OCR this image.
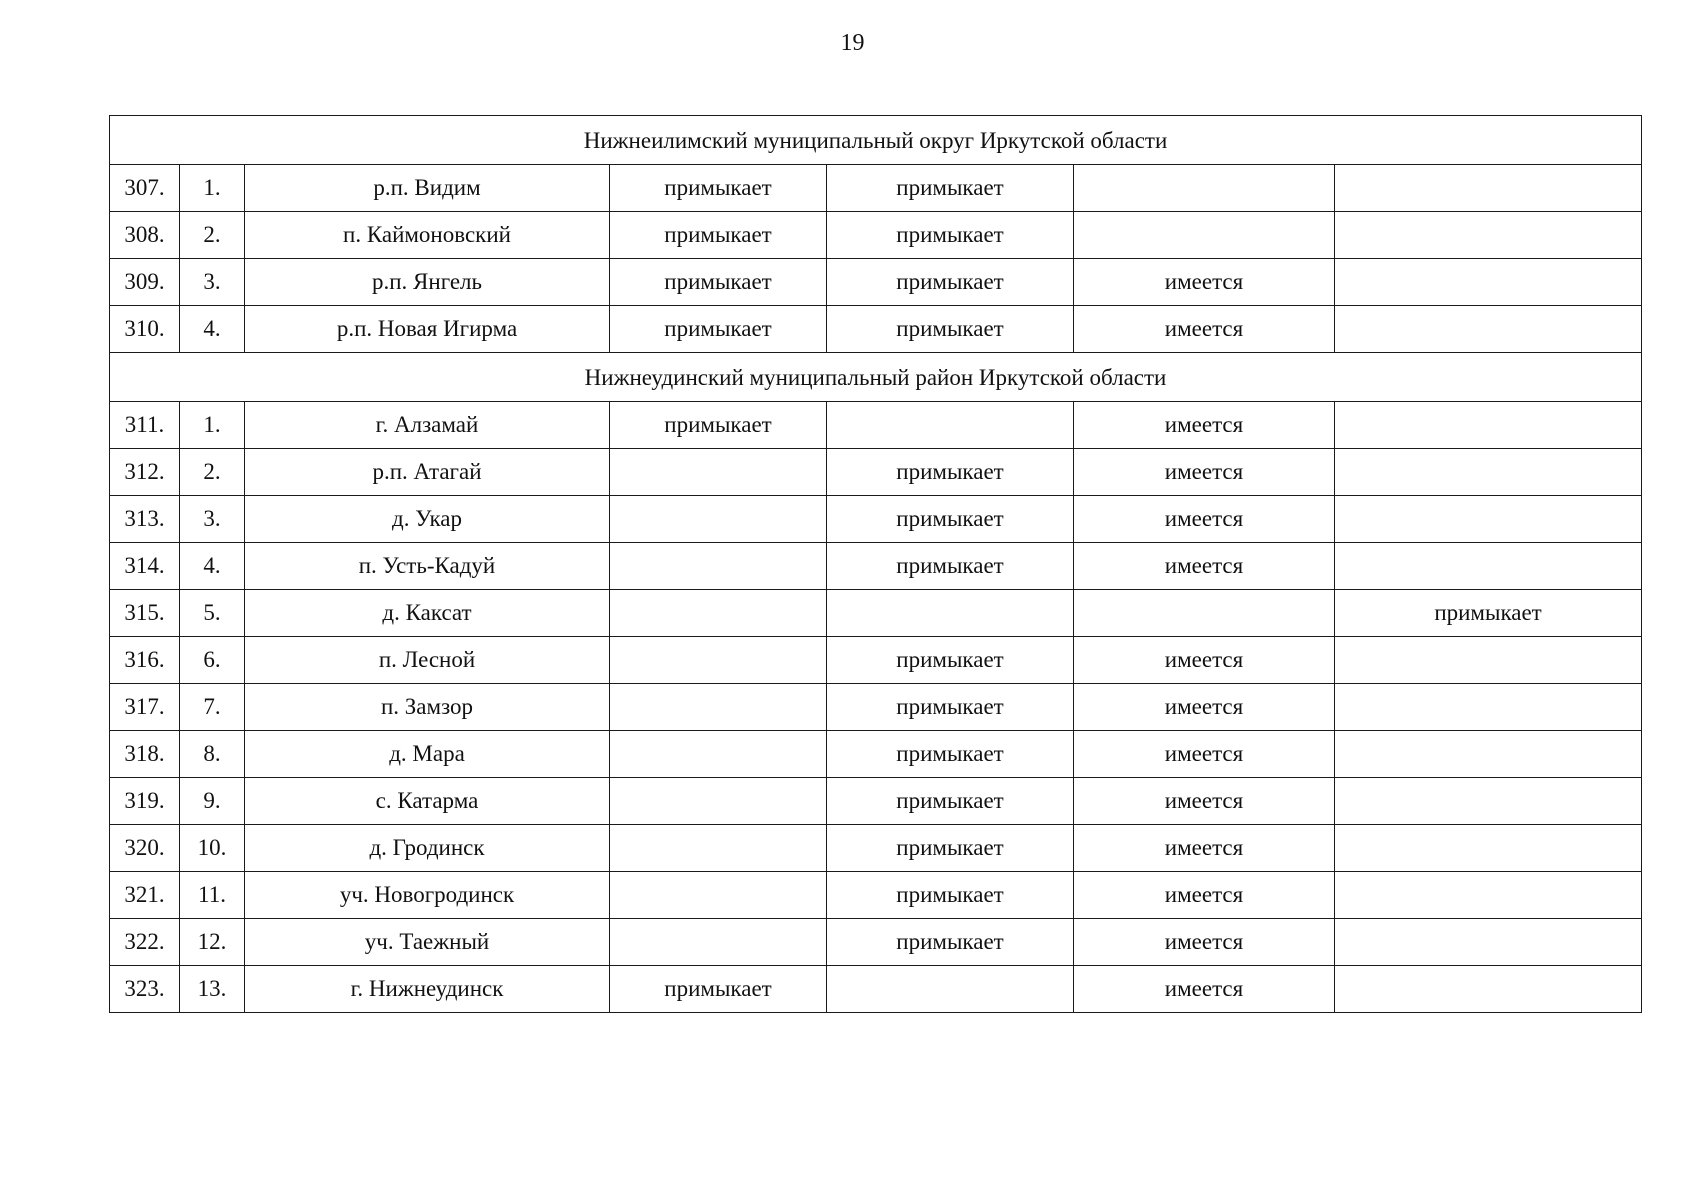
19
Нижнеилимский муниципальный округ Иркутской области						
307.	1.	р.п. Видим	примыкает	примыкает		
308.	2.	п. Каймоновский	примыкает	примыкает		
309.	3.	р.п. Янгель	примыкает	примыкает	имеется	
310.	4.	р.п. Новая Игирма	примыкает	примыкает	имеется	
Нижнеудинский муниципальный район Иркутской области						
311.	1.	г. Алзамай	примыкает		имеется	
312.	2.	р.п. Атагай		примыкает	имеется	
313.	3.	д. Укар		примыкает	имеется	
314.	4.	п. Усть-Кадуй		примыкает	имеется	
315.	5.	д. Каксат				примыкает
316.	6.	п. Лесной		примыкает	имеется	
317.	7.	п. Замзор		примыкает	имеется	
318.	8.	д. Мара		примыкает	имеется	
319.	9.	с. Катарма		примыкает	имеется	
320.	10.	д. Гродинск		примыкает	имеется	
321.	11.	уч. Новогродинск		примыкает	имеется	
322.	12.	уч. Таежный		примыкает	имеется	
323.	13.	г. Нижнеудинск	примыкает		имеется	
